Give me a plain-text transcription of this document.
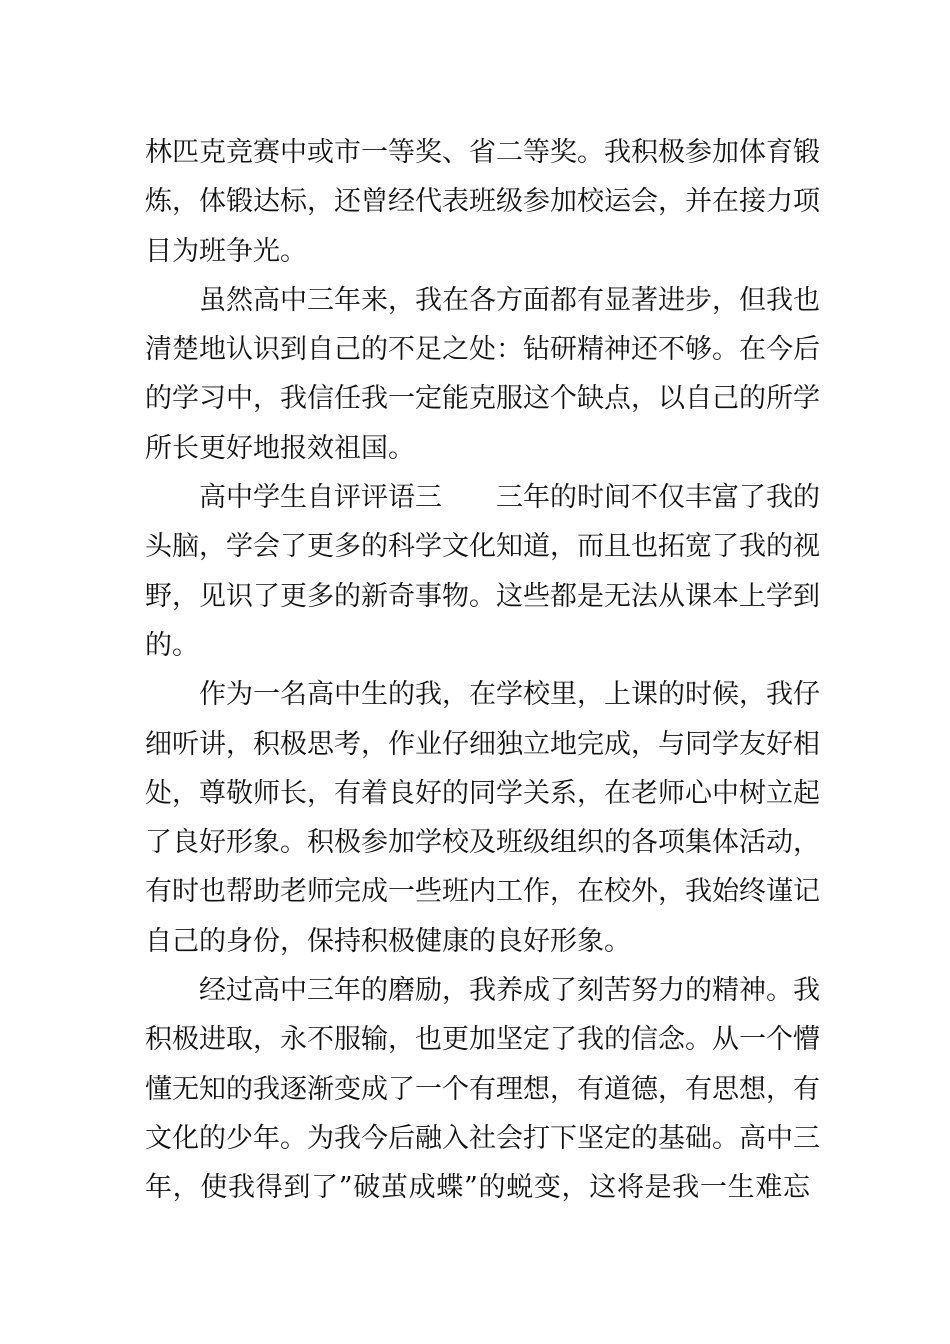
林匹克竞赛中或市一等奖、省二等奖。我积极参加体育锻
炼，体锻达标，还曾经代表班级参加校运会，并在接力项
目为班争光。
虽然高中三年来，我在各方面都有显著进步，但我也
清楚地认识到自己的不足之处：钻研精神还不够。在今后
的学习中，我信任我一定能克服这个缺点，以自己的所学
所长更好地报效祖国。
高中学生自评评语三 三年的时间不仅丰富了我的
头脑，学会了更多的科学文化知道，而且也拓宽了我的视
野，见识了更多的新奇事物。这些都是无法从课本上学到
的。
作为一名高中生的我，在学校里，上课的时候，我仔
细听讲，积极思考，作业仔细独立地完成，与同学友好相
处，尊敬师长，有着良好的同学关系，在老师心中树立起
了良好形象。积极参加学校及班级组织的各项集体活动，
有时也帮助老师完成一些班内工作，在校外，我始终谨记
自己的身份，保持积极健康的良好形象。
经过高中三年的磨励，我养成了刻苦努力的精神。我
积极进取，永不服输，也更加坚定了我的信念。从一个懵
懂无知的我逐渐变成了一个有理想，有道德，有思想，有
文化的少年。为我今后融入社会打下坚定的基础。高中三
年，使我得到了”破茧成蝶”的蜕变，这将是我一生难忘
